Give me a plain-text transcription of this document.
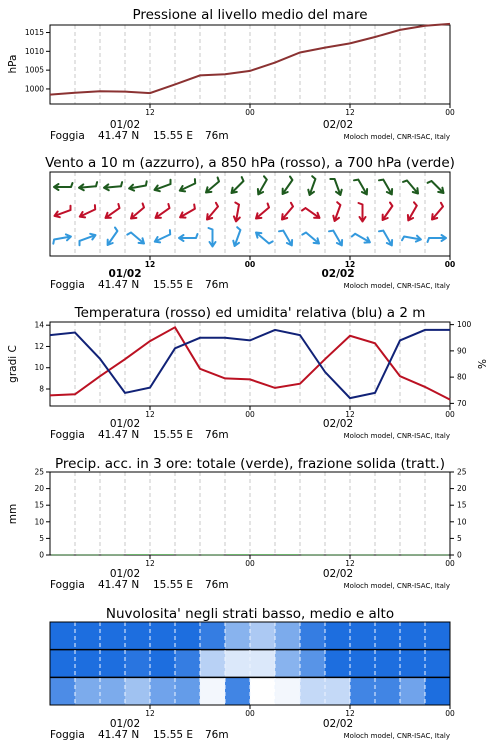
Pressione al livello medio del mare
hPa
1000
1005
1010
1015
12	00	12	00
01/02	02/02
Foggia 41.47 N 15.55 E 76m	Moloch model, CNR-ISAC, Italy
Vento a 10 m (azzurro), a 850 hPa (rosso), a 700 hPa (verde)
12	00	12	00
01/02	02/02
Foggia 41.47 N 15.55 E 76m	Moloch model, CNR-ISAC, Italy
Temperatura (rosso) ed umidita' relativa (blu) a 2 m
gradi C	%
8
10
12
14
70
80
90
100
12	00	12	00
01/02	02/02
Foggia 41.47 N 15.55 E 76m	Moloch model, CNR-ISAC, Italy
Precip. acc. in 3 ore: totale (verde), frazione solida (tratt.)
mm
0
5
10
15
20
25
0
5
10
15
20
25
12	00	12	00
01/02	02/02
Foggia 41.47 N 15.55 E 76m	Moloch model, CNR-ISAC, Italy
Nuvolosita' negli strati basso, medio e alto
12	00	12	00
01/02	02/02
Foggia 41.47 N 15.55 E 76m	Moloch model, CNR-ISAC, Italy
